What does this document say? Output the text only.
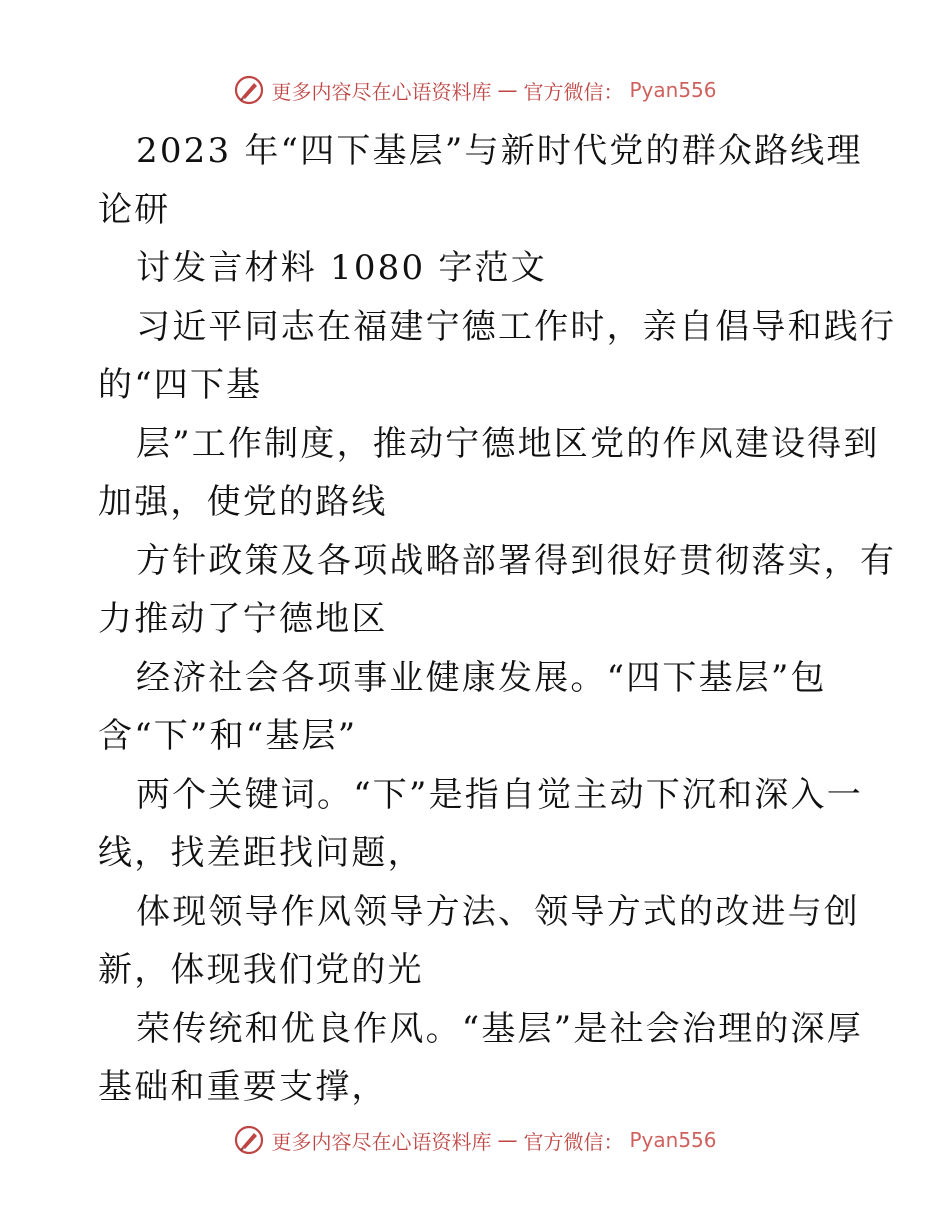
更多内容尽在心语资料库 — 官方微信： Pyan556
2023 年“四下基层”与新时代党的群众路线理
论研
讨发言材料 1080 字范文
习近平同志在福建宁德工作时，亲自倡导和践行
的“四下基
层”工作制度，推动宁德地区党的作风建设得到
加强，使党的路线
方针政策及各项战略部署得到很好贯彻落实，有
力推动了宁德地区
经济社会各项事业健康发展。“四下基层”包
含“下”和“基层”
两个关键词。“下”是指自觉主动下沉和深入一
线，找差距找问题，
体现领导作风领导方法、领导方式的改进与创
新，体现我们党的光
荣传统和优良作风。“基层”是社会治理的深厚
基础和重要支撑，
更多内容尽在心语资料库 — 官方微信： Pyan556
